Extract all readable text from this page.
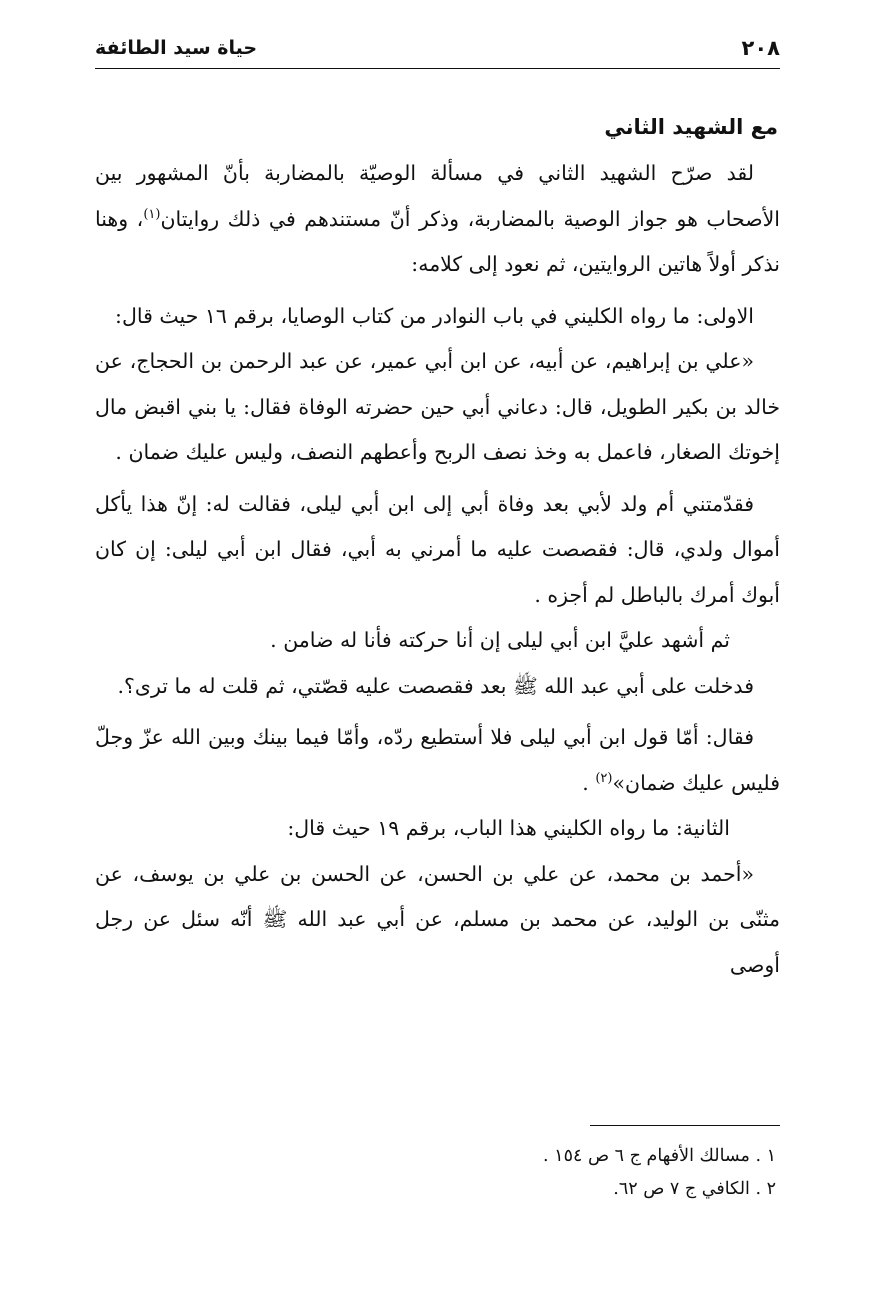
حياة سيد الطائفة	٢٠٨
مع الشهيد الثاني

لقد صرّح الشهيد الثاني في مسألة الوصيّة بالمضاربة بأنّ المشهور بين الأصحاب هو جواز الوصية بالمضاربة، وذكر أنّ مستندهم في ذلك روايتان$^{(١)}$، وهنا نذكر أولاً هاتين الروايتين، ثم نعود إلى كلامه:

الاولى: ما رواه الكليني في باب النوادر من كتاب الوصايا، برقم ١٦ حيث قال:

«علي بن إبراهيم، عن أبيه، عن ابن أبي عمير، عن عبد الرحمن بن الحجاج، عن خالد بن بكير الطويل، قال: دعاني أبي حين حضرته الوفاة فقال: يا بني اقبض مال إخوتك الصغار، فاعمل به وخذ نصف الربح وأعطهم النصف، وليس عليك ضمان .

فقدّمتني أم ولد لأبي بعد وفاة أبي إلى ابن أبي ليلى، فقالت له: إنّ هذا يأكل أموال ولدي، قال: فقصصت عليه ما أمرني به أبي، فقال ابن أبي ليلى: إن كان أبوك أمرك بالباطل لم أجزه .

ثم أشهد عليَّ ابن أبي ليلى إن أنا حركته فأنا له ضامن .

فدخلت على أبي عبد الله ﷺ بعد فقصصت عليه قصّتي، ثم قلت له ما ترى؟.

فقال: أمّا قول ابن أبي ليلى فلا أستطيع ردّه، وأمّا فيما بينك وبين الله عزّ وجلّ فليس عليك ضمان»$^{(٢)}$ .

الثانية: ما رواه الكليني هذا الباب، برقم ١٩ حيث قال:

«أحمد بن محمد، عن علي بن الحسن، عن الحسن بن علي بن يوسف، عن مثنّى بن الوليد، عن محمد بن مسلم، عن أبي عبد الله ﷺ أنّه سئل عن رجل أوصى

١ . مسالك الأفهام ج ٦ ص ١٥٤ .
٢ . الكافي ج ٧ ص ٦٢.
